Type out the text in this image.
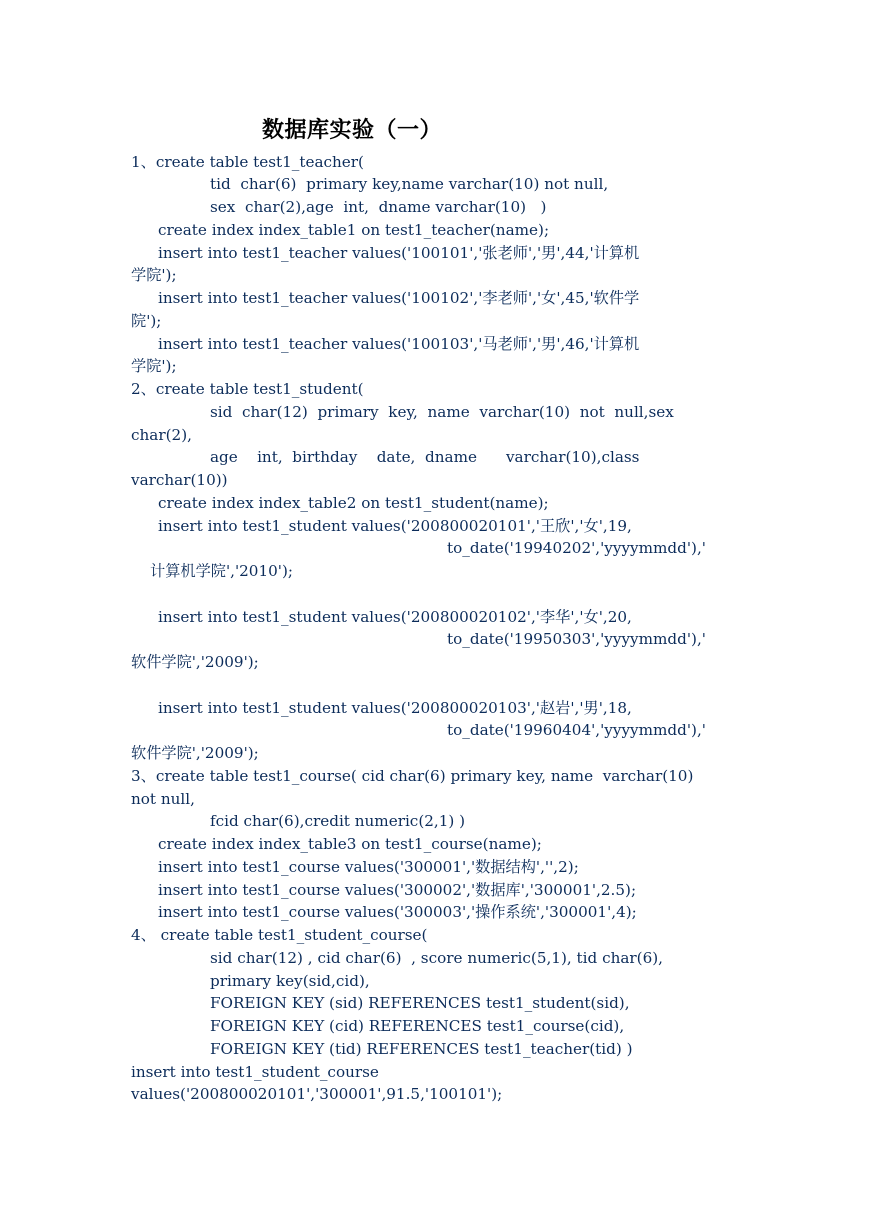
数据库实验（一）
1、create table test1_teacher(
tid  char(6)  primary key,name varchar(10) not null,
sex  char(2),age  int,  dname varchar(10)   )
create index index_table1 on test1_teacher(name);
insert into test1_teacher values('100101','张老师','男',44,'计算机
学院');
insert into test1_teacher values('100102','李老师','女',45,'软件学
院');
insert into test1_teacher values('100103','马老师','男',46,'计算机
学院');
2、create table test1_student(
sid  char(12)  primary  key,  name  varchar(10)  not  null,sex
char(2),
age    int,  birthday    date,  dname      varchar(10),class
varchar(10))
create index index_table2 on test1_student(name);
insert into test1_student values('200800020101','王欣','女',19,
to_date('19940202','yyyymmdd'),'
计算机学院','2010');
insert into test1_student values('200800020102','李华','女',20,
to_date('19950303','yyyymmdd'),'
软件学院','2009');
insert into test1_student values('200800020103','赵岩','男',18,
to_date('19960404','yyyymmdd'),'
软件学院','2009');
3、create table test1_course( cid char(6) primary key, name  varchar(10)
not null,
fcid char(6),credit numeric(2,1) )
create index index_table3 on test1_course(name);
insert into test1_course values('300001','数据结构','',2);
insert into test1_course values('300002','数据库','300001',2.5);
insert into test1_course values('300003','操作系统','300001',4);
4、 create table test1_student_course(
sid char(12) , cid char(6)  , score numeric(5,1), tid char(6),
primary key(sid,cid),
FOREIGN KEY (sid) REFERENCES test1_student(sid),
FOREIGN KEY (cid) REFERENCES test1_course(cid),
FOREIGN KEY (tid) REFERENCES test1_teacher(tid) )
insert into test1_student_course
values('200800020101','300001',91.5,'100101');
